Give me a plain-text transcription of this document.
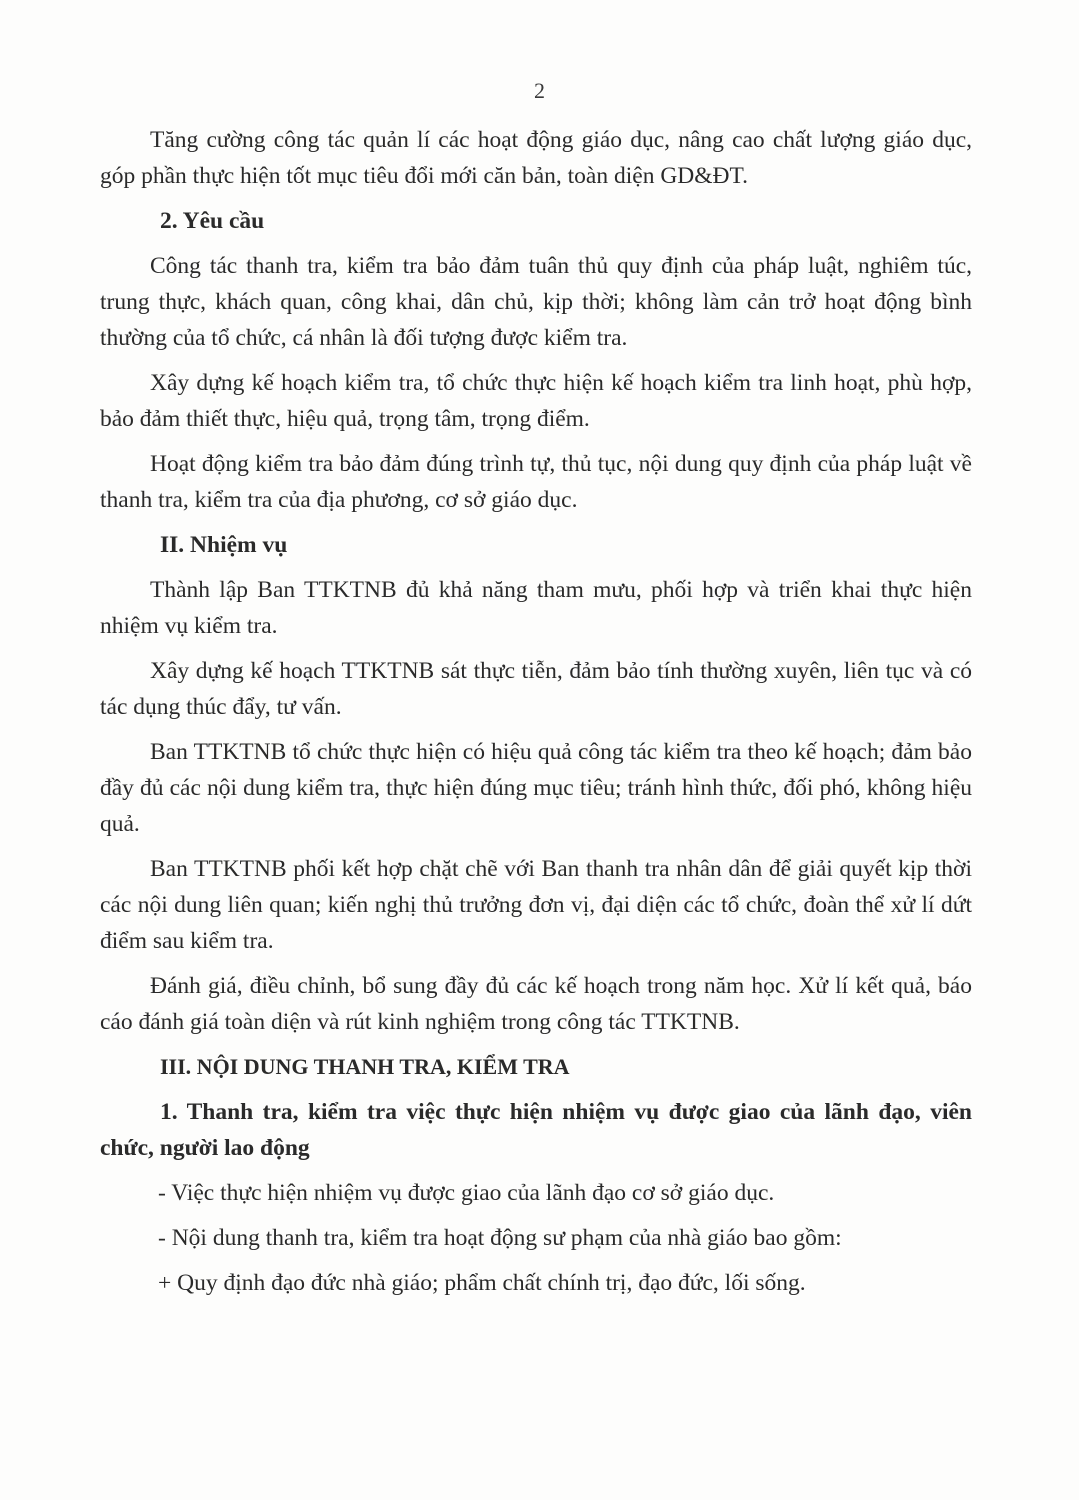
2

Tăng cường công tác quản lí các hoạt động giáo dục, nâng cao chất lượng giáo dục, góp phần thực hiện tốt mục tiêu đổi mới căn bản, toàn diện GD&ĐT.

2. Yêu cầu

Công tác thanh tra, kiểm tra bảo đảm tuân thủ quy định của pháp luật, nghiêm túc, trung thực, khách quan, công khai, dân chủ, kịp thời; không làm cản trở hoạt động bình thường của tổ chức, cá nhân là đối tượng được kiểm tra.

Xây dựng kế hoạch kiểm tra, tổ chức thực hiện kế hoạch kiểm tra linh hoạt, phù hợp, bảo đảm thiết thực, hiệu quả, trọng tâm, trọng điểm.

Hoạt động kiểm tra bảo đảm đúng trình tự, thủ tục, nội dung quy định của pháp luật về thanh tra, kiểm tra của địa phương, cơ sở giáo dục.

II. Nhiệm vụ

Thành lập Ban TTKTNB đủ khả năng tham mưu, phối hợp và triển khai thực hiện nhiệm vụ kiểm tra.

Xây dựng kế hoạch TTKTNB sát thực tiễn, đảm bảo tính thường xuyên, liên tục và có tác dụng thúc đẩy, tư vấn.

Ban TTKTNB tổ chức thực hiện có hiệu quả công tác kiểm tra theo kế hoạch; đảm bảo đầy đủ các nội dung kiểm tra, thực hiện đúng mục tiêu; tránh hình thức, đối phó, không hiệu quả.

Ban TTKTNB phối kết hợp chặt chẽ với Ban thanh tra nhân dân để giải quyết kịp thời các nội dung liên quan; kiến nghị thủ trưởng đơn vị, đại diện các tổ chức, đoàn thể xử lí dứt điểm sau kiểm tra.

Đánh giá, điều chỉnh, bổ sung đầy đủ các kế hoạch trong năm học. Xử lí kết quả, báo cáo đánh giá toàn diện và rút kinh nghiệm trong công tác TTKTNB.

III. NỘI DUNG THANH TRA, KIỂM TRA

1. Thanh tra, kiểm tra việc thực hiện nhiệm vụ được giao của lãnh đạo, viên chức, người lao động

- Việc thực hiện nhiệm vụ được giao của lãnh đạo cơ sở giáo dục.

- Nội dung thanh tra, kiểm tra hoạt động sư phạm của nhà giáo bao gồm:

+ Quy định đạo đức nhà giáo; phẩm chất chính trị, đạo đức, lối sống.
